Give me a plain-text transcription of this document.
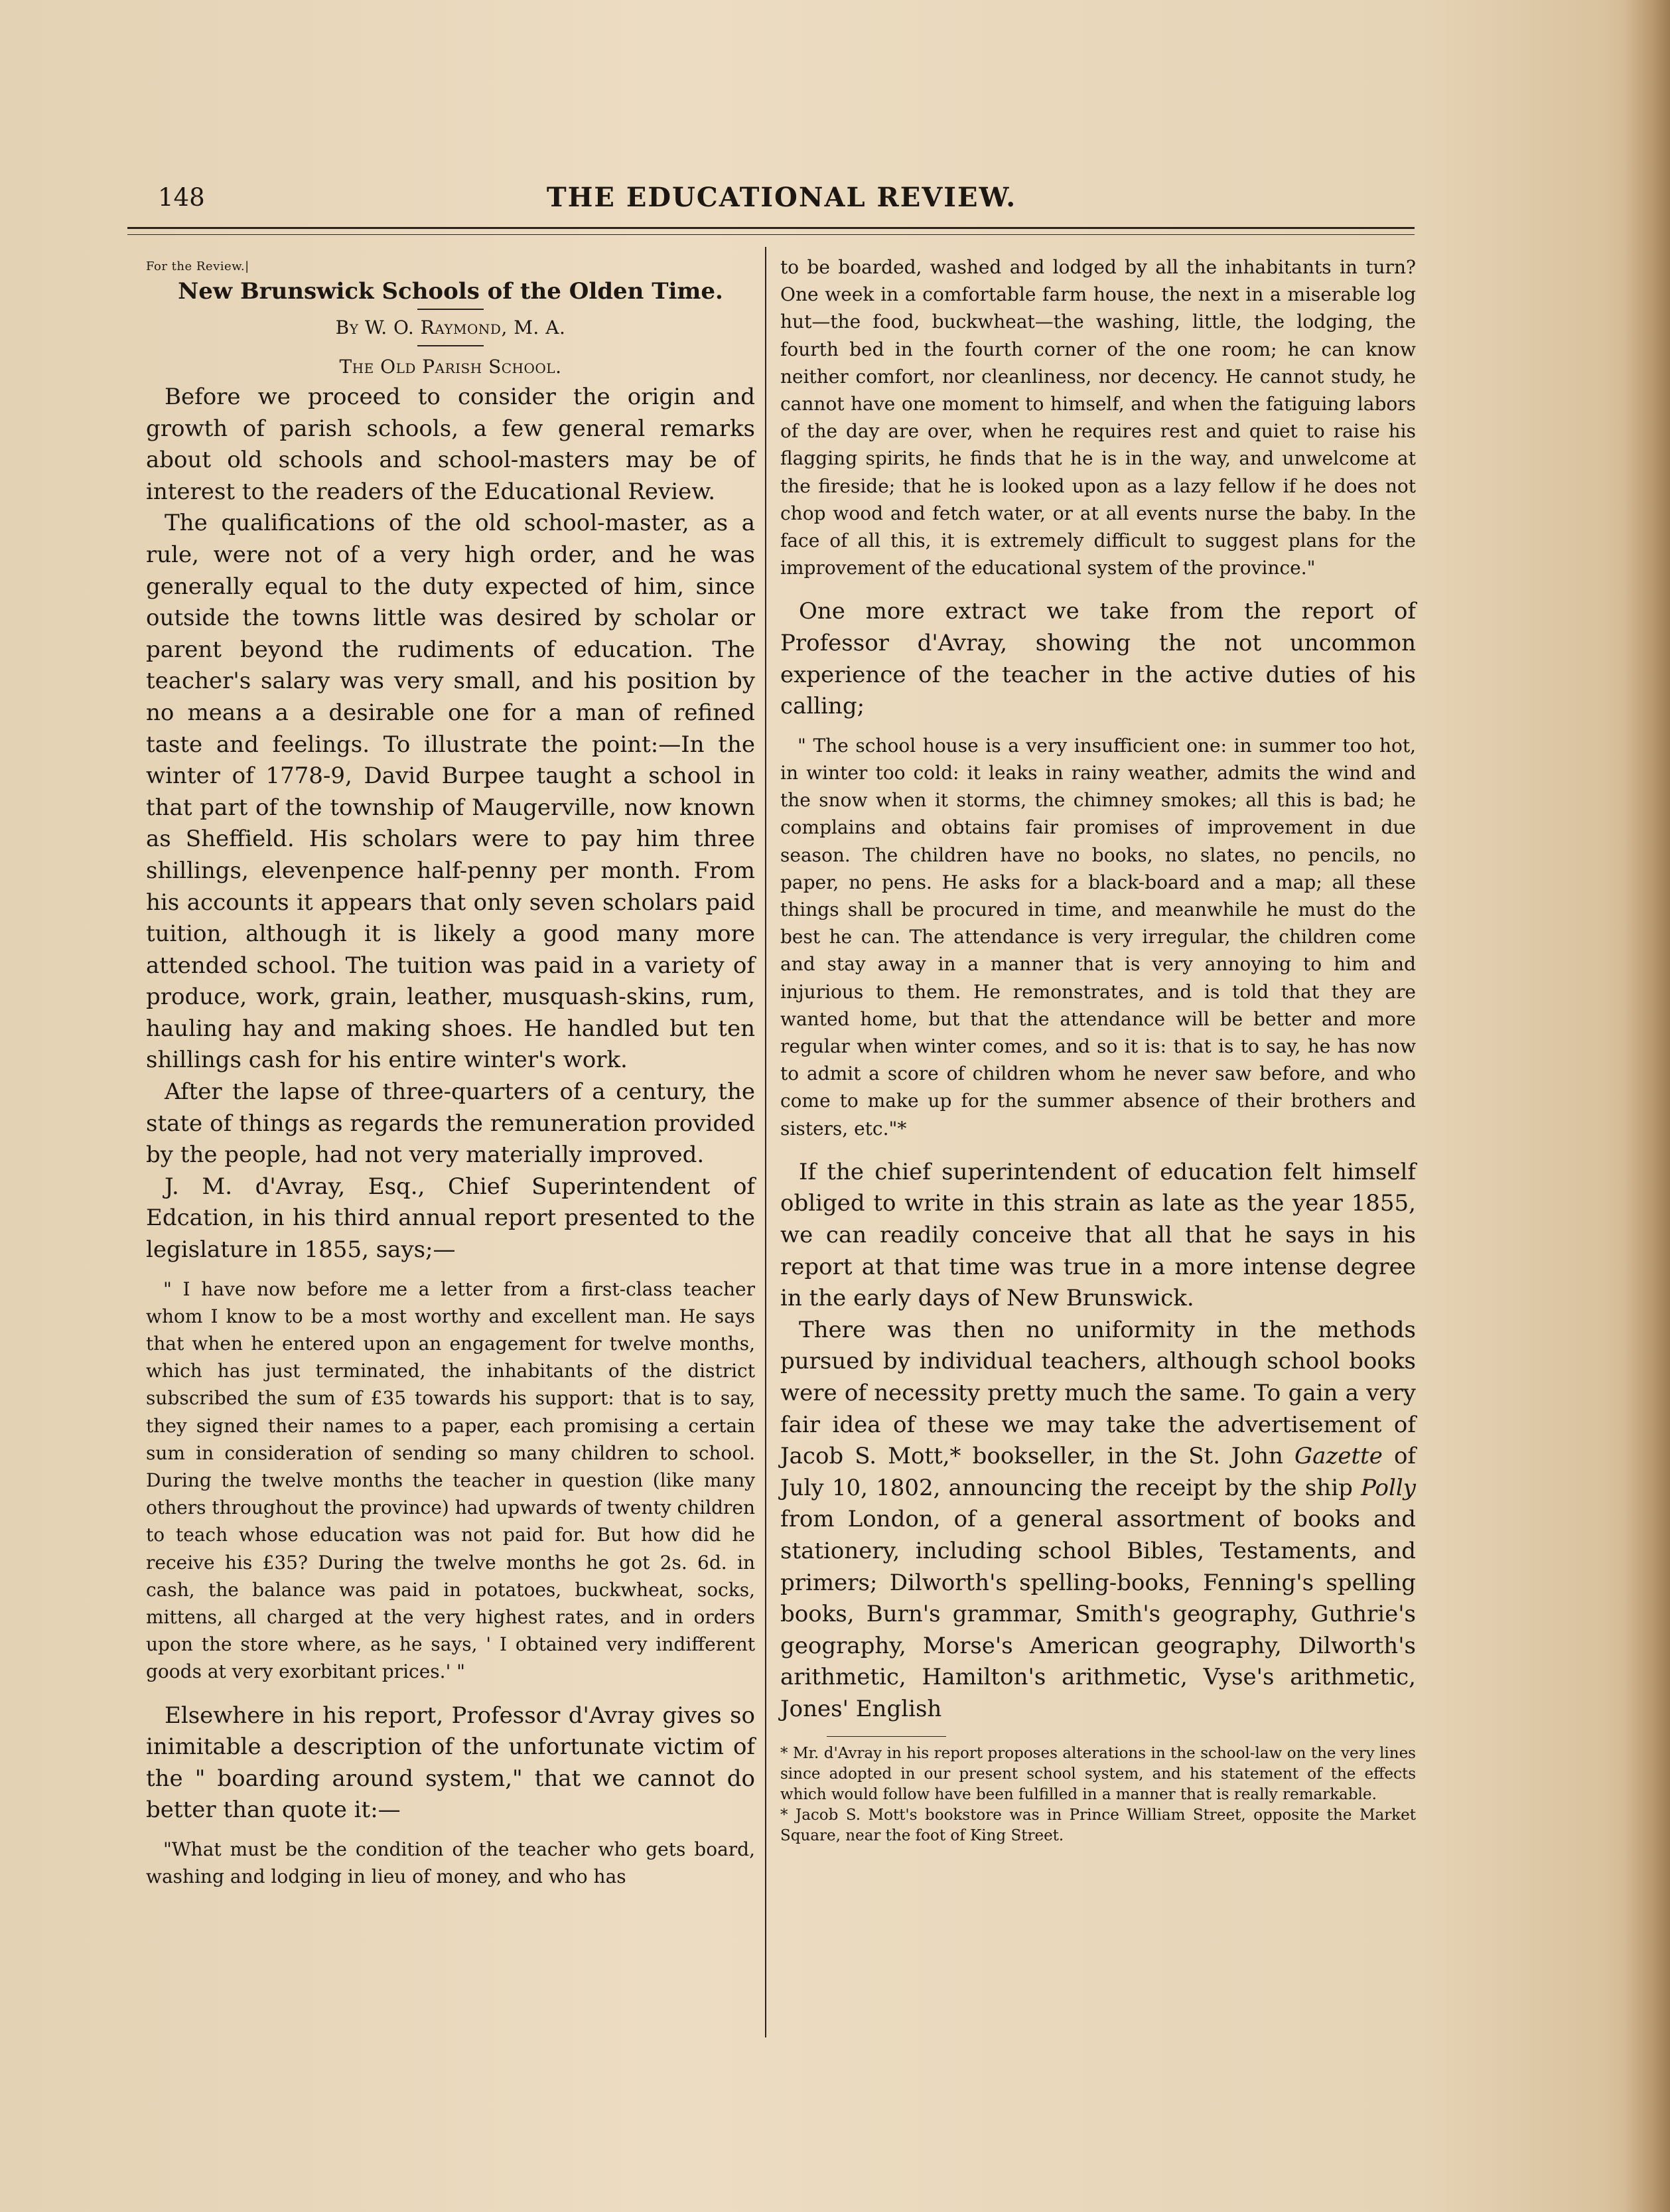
148	THE EDUCATIONAL REVIEW.
For the Review.|
New Brunswick Schools of the Olden Time.
By W. O. Raymond, M. A.
The Old Parish School.

Before we proceed to consider the origin and growth of parish schools, a few general remarks about old schools and school-masters may be of interest to the readers of the Educational Review.

The qualifications of the old school-master, as a rule, were not of a very high order, and he was generally equal to the duty expected of him, since outside the towns little was desired by scholar or parent beyond the rudiments of education. The teacher's salary was very small, and his position by no means a a desirable one for a man of refined taste and feelings. To illustrate the point:—In the winter of 1778-9, David Burpee taught a school in that part of the township of Maugerville, now known as Sheffield. His scholars were to pay him three shillings, elevenpence half-penny per month. From his accounts it appears that only seven scholars paid tuition, although it is likely a good many more attended school. The tuition was paid in a variety of produce, work, grain, leather, musquash-skins, rum, hauling hay and making shoes. He handled but ten shillings cash for his entire winter's work.

After the lapse of three-quarters of a century, the state of things as regards the remuneration provided by the people, had not very materially improved.

J. M. d'Avray, Esq., Chief Superintendent of Edcation, in his third annual report presented to the legislature in 1855, says;—

" I have now before me a letter from a first-class teacher whom I know to be a most worthy and excellent man. He says that when he entered upon an engagement for twelve months, which has just terminated, the inhabitants of the district subscribed the sum of £35 towards his support: that is to say, they signed their names to a paper, each promising a certain sum in consideration of sending so many children to school. During the twelve months the teacher in question (like many others throughout the province) had upwards of twenty children to teach whose education was not paid for. But how did he receive his £35? During the twelve months he got 2s. 6d. in cash, the balance was paid in potatoes, buckwheat, socks, mittens, all charged at the very highest rates, and in orders upon the store where, as he says, ' I obtained very indifferent goods at very exorbitant prices.' "

Elsewhere in his report, Professor d'Avray gives so inimitable a description of the unfortunate victim of the " boarding around system," that we cannot do better than quote it:—

"What must be the condition of the teacher who gets board, washing and lodging in lieu of money, and who has

to be boarded, washed and lodged by all the inhabitants in turn? One week in a comfortable farm house, the next in a miserable log hut—the food, buckwheat—the washing, little, the lodging, the fourth bed in the fourth corner of the one room; he can know neither comfort, nor cleanliness, nor decency. He cannot study, he cannot have one moment to himself, and when the fatiguing labors of the day are over, when he requires rest and quiet to raise his flagging spirits, he finds that he is in the way, and unwelcome at the fireside; that he is looked upon as a lazy fellow if he does not chop wood and fetch water, or at all events nurse the baby. In the face of all this, it is extremely difficult to suggest plans for the improvement of the educational system of the province."

One more extract we take from the report of Professor d'Avray, showing the not uncommon experience of the teacher in the active duties of his calling;

" The school house is a very insufficient one: in summer too hot, in winter too cold: it leaks in rainy weather, admits the wind and the snow when it storms, the chimney smokes; all this is bad; he complains and obtains fair promises of improvement in due season. The children have no books, no slates, no pencils, no paper, no pens. He asks for a black-board and a map; all these things shall be procured in time, and meanwhile he must do the best he can. The attendance is very irregular, the children come and stay away in a manner that is very annoying to him and injurious to them. He remonstrates, and is told that they are wanted home, but that the attendance will be better and more regular when winter comes, and so it is: that is to say, he has now to admit a score of children whom he never saw before, and who come to make up for the summer absence of their brothers and sisters, etc."*

If the chief superintendent of education felt himself obliged to write in this strain as late as the year 1855, we can readily conceive that all that he says in his report at that time was true in a more intense degree in the early days of New Brunswick.

There was then no uniformity in the methods pursued by individual teachers, although school books were of necessity pretty much the same. To gain a very fair idea of these we may take the advertisement of Jacob S. Mott,* bookseller, in the St. John Gazette of July 10, 1802, announcing the receipt by the ship Polly from London, of a general assortment of books and stationery, including school Bibles, Testaments, and primers; Dilworth's spelling-books, Fenning's spelling books, Burn's grammar, Smith's geography, Guthrie's geography, Morse's American geography, Dilworth's arithmetic, Hamilton's arithmetic, Vyse's arithmetic, Jones' English

* Mr. d'Avray in his report proposes alterations in the school-law on the very lines since adopted in our present school system, and his statement of the effects which would follow have been fulfilled in a manner that is really remarkable.

* Jacob S. Mott's bookstore was in Prince William Street, opposite the Market Square, near the foot of King Street.
